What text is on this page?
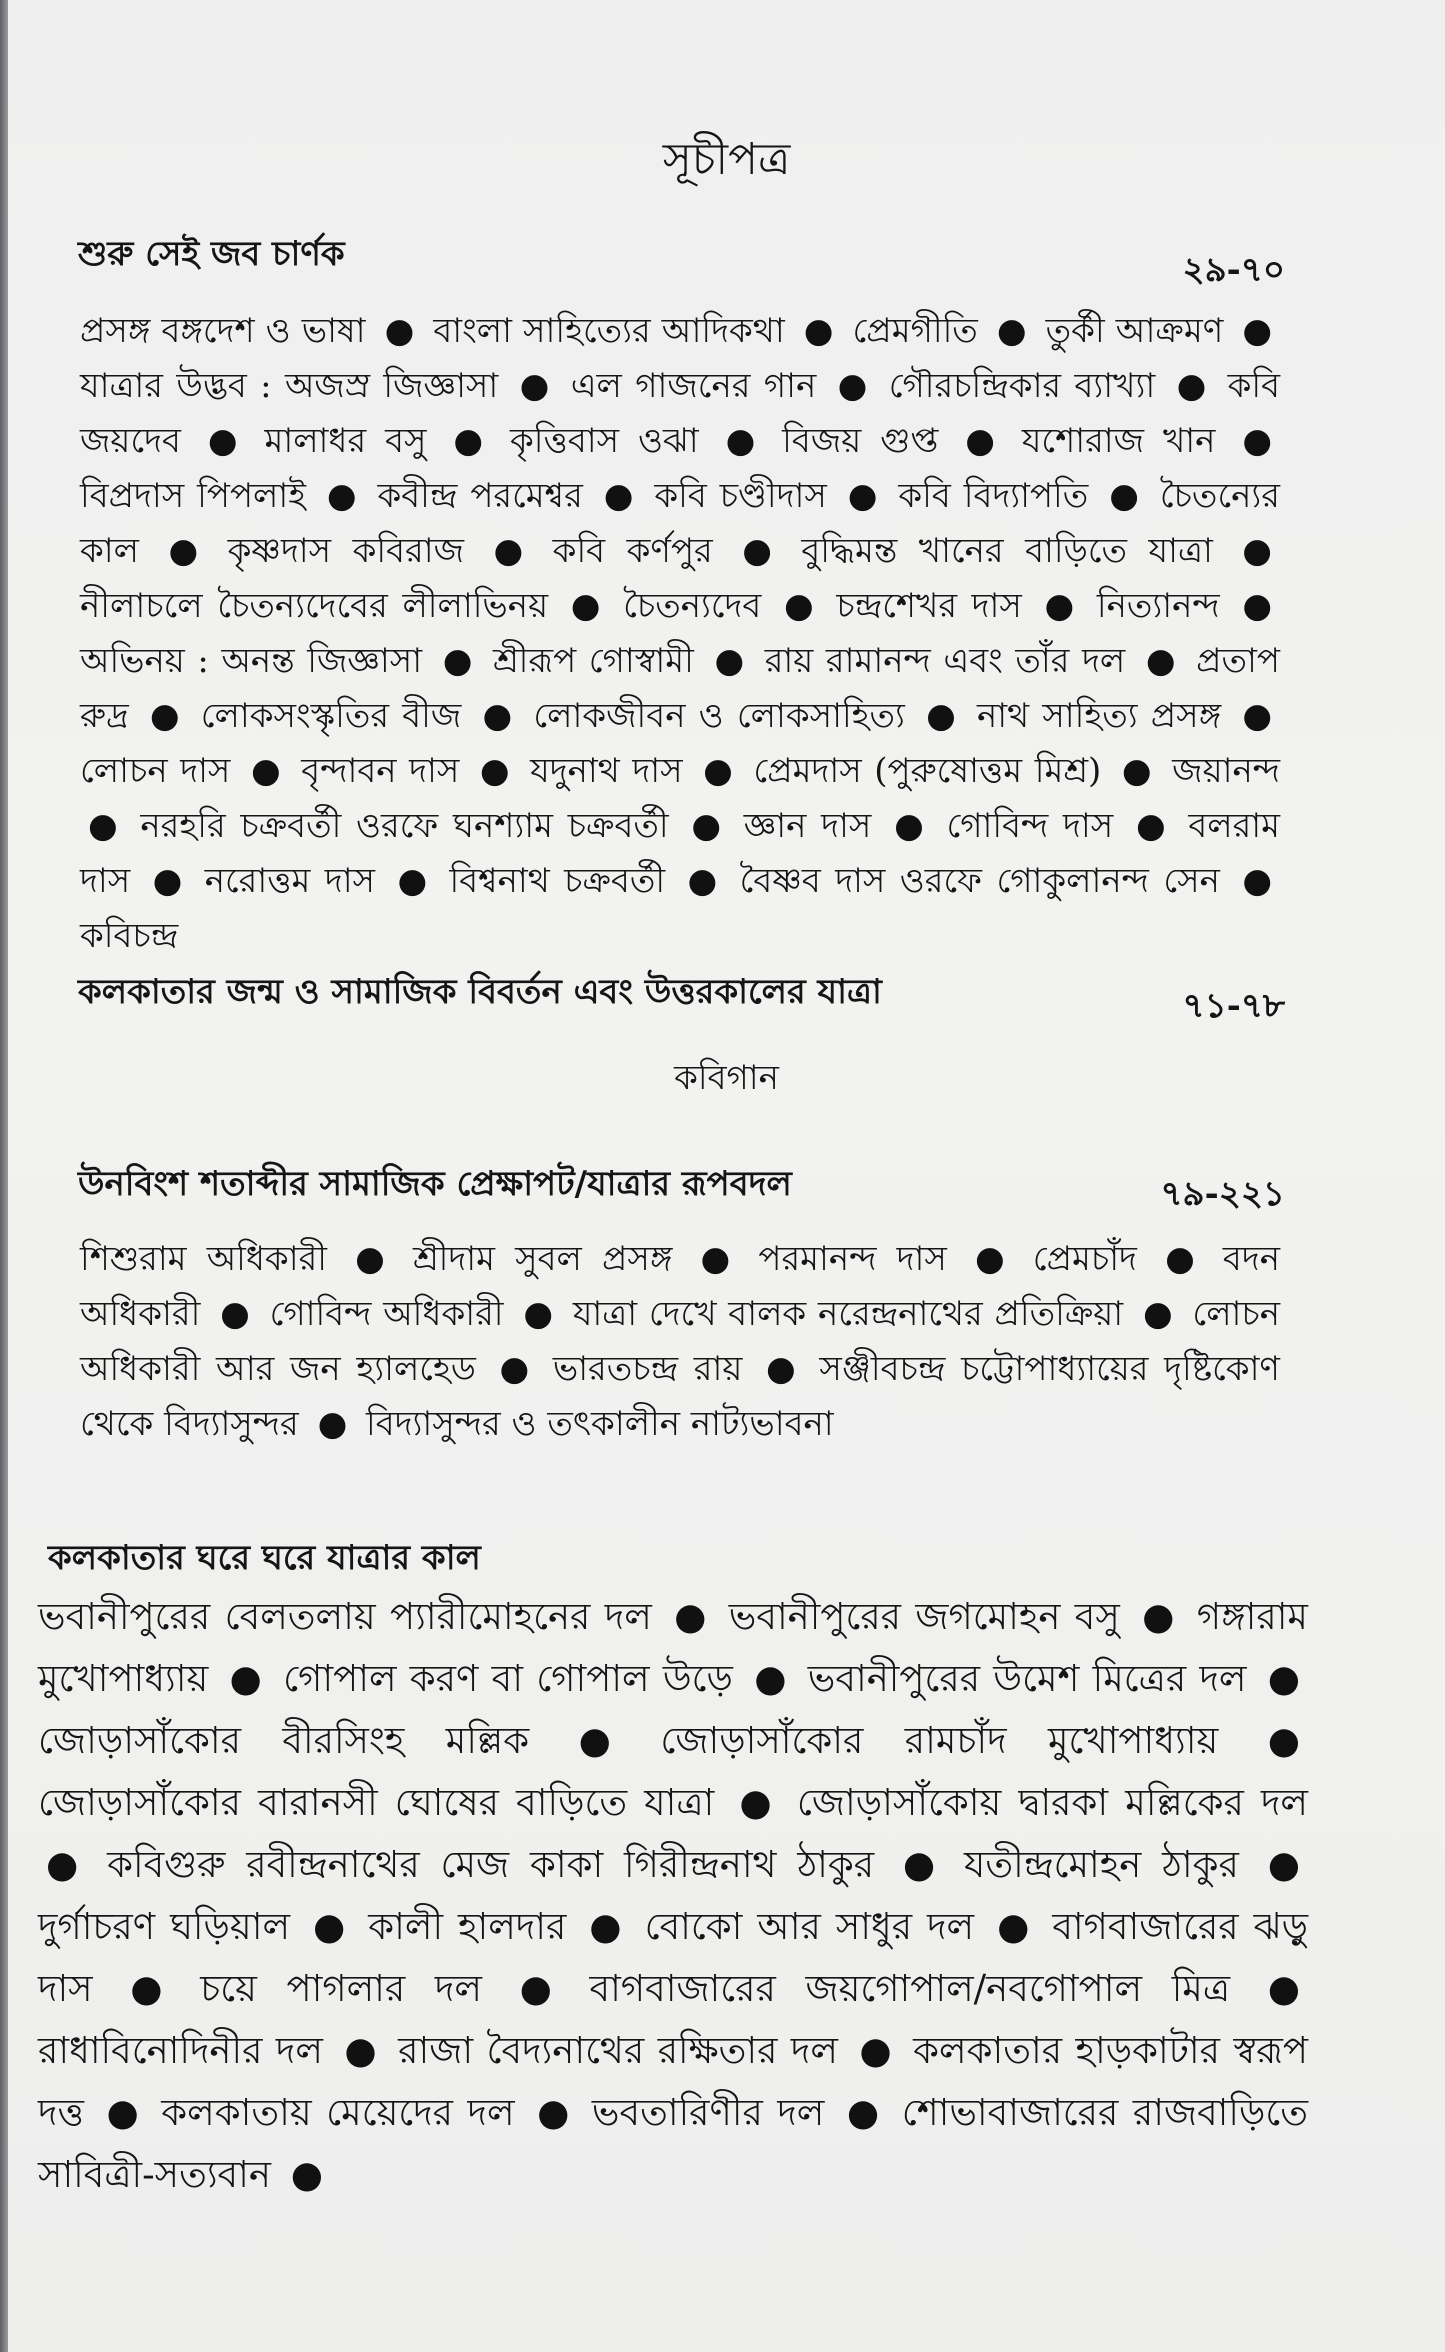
সূচীপত্র
শুরু সেই জব চার্ণক	২৯-৭০
প্রসঙ্গ বঙ্গদেশ ও ভাষা ● বাংলা সাহিত্যের আদিকথা ● প্রেমগীতি ● তুর্কী আক্রমণ ● যাত্রার উদ্ভব : অজস্র জিজ্ঞাসা ● এল গাজনের গান ● গৌরচন্দ্রিকার ব্যাখ্যা ● কবি জয়দেব ● মালাধর বসু ● কৃত্তিবাস ওঝা ● বিজয় গুপ্ত ● যশোরাজ খান ● বিপ্রদাস পিপলাই ● কবীন্দ্র পরমেশ্বর ● কবি চণ্ডীদাস ● কবি বিদ্যাপতি ● চৈতন্যের কাল ● কৃষ্ণদাস কবিরাজ ● কবি কর্ণপুর ● বুদ্ধিমন্ত খানের বাড়িতে যাত্রা ● নীলাচলে চৈতন্যদেবের লীলাভিনয় ● চৈতন্যদেব ● চন্দ্রশেখর দাস ● নিত্যানন্দ ● অভিনয় : অনন্ত জিজ্ঞাসা ● শ্রীরূপ গোস্বামী ● রায় রামানন্দ এবং তাঁর দল ● প্রতাপ রুদ্র ● লোকসংস্কৃতির বীজ ● লোকজীবন ও লোকসাহিত্য ● নাথ সাহিত্য প্রসঙ্গ ● লোচন দাস ● বৃন্দাবন দাস ● যদুনাথ দাস ● প্রেমদাস (পুরুষোত্তম মিশ্র) ● জয়ানন্দ ● নরহরি চক্রবর্তী ওরফে ঘনশ্যাম চক্রবর্তী ● জ্ঞান দাস ● গোবিন্দ দাস ● বলরাম দাস ● নরোত্তম দাস ● বিশ্বনাথ চক্রবর্তী ● বৈষ্ণব দাস ওরফে গোকুলানন্দ সেন ● কবিচন্দ্র
কলকাতার জন্ম ও সামাজিক বিবর্তন এবং উত্তরকালের যাত্রা	৭১-৭৮
কবিগান
উনবিংশ শতাব্দীর সামাজিক প্রেক্ষাপট/যাত্রার রূপবদল	৭৯-২২১
শিশুরাম অধিকারী ● শ্রীদাম সুবল প্রসঙ্গ ● পরমানন্দ দাস ● প্রেমচাঁদ ● বদন অধিকারী ● গোবিন্দ অধিকারী ● যাত্রা দেখে বালক নরেন্দ্রনাথের প্রতিক্রিয়া ● লোচন অধিকারী আর জন হ্যালহেড ● ভারতচন্দ্র রায় ● সঞ্জীবচন্দ্র চট্টোপাধ্যায়ের দৃষ্টিকোণ থেকে বিদ্যাসুন্দর ● বিদ্যাসুন্দর ও তৎকালীন নাট্যভাবনা
কলকাতার ঘরে ঘরে যাত্রার কাল
ভবানীপুরের বেলতলায় প্যারীমোহনের দল ● ভবানীপুরের জগমোহন বসু ● গঙ্গারাম মুখোপাধ্যায় ● গোপাল করণ বা গোপাল উড়ে ● ভবানীপুরের উমেশ মিত্রের দল ● জোড়াসাঁকোর বীরসিংহ মল্লিক ● জোড়াসাঁকোর রামচাঁদ মুখোপাধ্যায় ● জোড়াসাঁকোর বারানসী ঘোষের বাড়িতে যাত্রা ● জোড়াসাঁকোয় দ্বারকা মল্লিকের দল ● কবিগুরু রবীন্দ্রনাথের মেজ কাকা গিরীন্দ্রনাথ ঠাকুর ● যতীন্দ্রমোহন ঠাকুর ● দুর্গাচরণ ঘড়িয়াল ● কালী হালদার ● বোকো আর সাধুর দল ● বাগবাজারের ঝড়ু দাস ● চয়ে পাগলার দল ● বাগবাজারের জয়গোপাল/নবগোপাল মিত্র ● রাধাবিনোদিনীর দল ● রাজা বৈদ্যনাথের রক্ষিতার দল ● কলকাতার হাড়কাটার স্বরূপ দত্ত ● কলকাতায় মেয়েদের দল ● ভবতারিণীর দল ● শোভাবাজারের রাজবাড়িতে সাবিত্রী-সত্যবান ●
